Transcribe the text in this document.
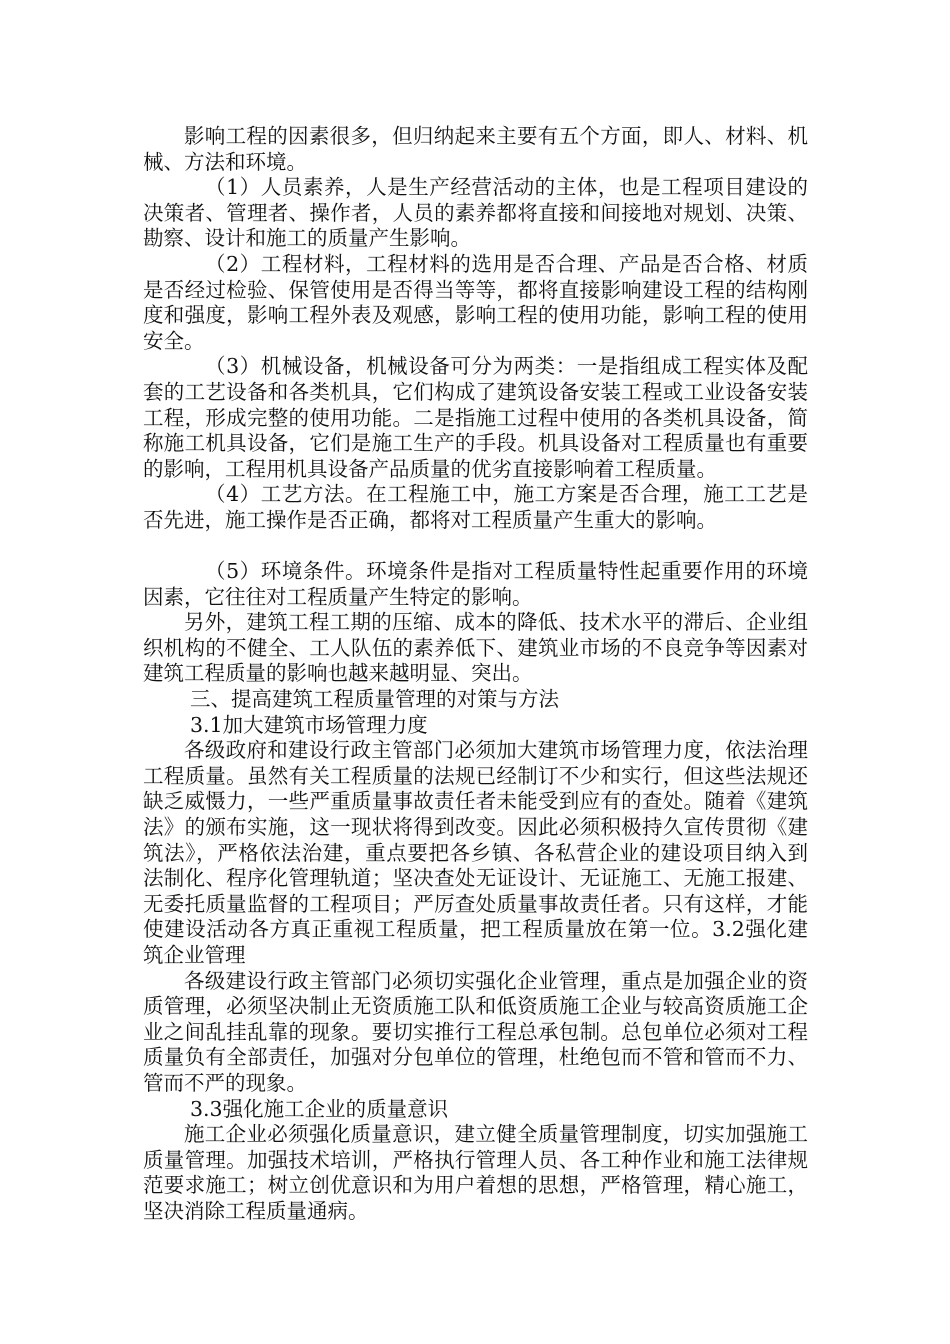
影响工程的因素很多，但归纳起来主要有五个方面，即人、材料、机械、方法和环境。

（1）人员素养，人是生产经营活动的主体，也是工程项目建设的决策者、管理者、操作者，人员的素养都将直接和间接地对规划、决策、勘察、设计和施工的质量产生影响。

（2）工程材料，工程材料的选用是否合理、产品是否合格、材质是否经过检验、保管使用是否得当等等，都将直接影响建设工程的结构刚度和强度，影响工程外表及观感，影响工程的使用功能，影响工程的使用安全。

（3）机械设备，机械设备可分为两类：一是指组成工程实体及配套的工艺设备和各类机具，它们构成了建筑设备安装工程或工业设备安装工程，形成完整的使用功能。二是指施工过程中使用的各类机具设备，简称施工机具设备，它们是施工生产的手段。机具设备对工程质量也有重要的影响，工程用机具设备产品质量的优劣直接影响着工程质量。

（4）工艺方法。在工程施工中，施工方案是否合理，施工工艺是否先进，施工操作是否正确，都将对工程质量产生重大的影响。

（5）环境条件。环境条件是指对工程质量特性起重要作用的环境因素，它往往对工程质量产生特定的影响。

另外，建筑工程工期的压缩、成本的降低、技术水平的滞后、企业组织机构的不健全、工人队伍的素养低下、建筑业市场的不良竞争等因素对建筑工程质量的影响也越来越明显、突出。

三、提高建筑工程质量管理的对策与方法

3.1加大建筑市场管理力度

各级政府和建设行政主管部门必须加大建筑市场管理力度，依法治理工程质量。虽然有关工程质量的法规已经制订不少和实行，但这些法规还缺乏威慑力，一些严重质量事故责任者未能受到应有的查处。随着《建筑法》的颁布实施，这一现状将得到改变。因此必须积极持久宣传贯彻《建筑法》，严格依法治建，重点要把各乡镇、各私营企业的建设项目纳入到法制化、程序化管理轨道；坚决查处无证设计、无证施工、无施工报建、无委托质量监督的工程项目；严厉查处质量事故责任者。只有这样，才能使建设活动各方真正重视工程质量，把工程质量放在第一位。3.2强化建筑企业管理

各级建设行政主管部门必须切实强化企业管理，重点是加强企业的资质管理，必须坚决制止无资质施工队和低资质施工企业与较高资质施工企业之间乱挂乱靠的现象。要切实推行工程总承包制。总包单位必须对工程质量负有全部责任，加强对分包单位的管理，杜绝包而不管和管而不力、管而不严的现象。

3.3强化施工企业的质量意识

施工企业必须强化质量意识，建立健全质量管理制度，切实加强施工质量管理。加强技术培训，严格执行管理人员、各工种作业和施工法律规范要求施工；树立创优意识和为用户着想的思想，严格管理，精心施工，坚决消除工程质量通病。
